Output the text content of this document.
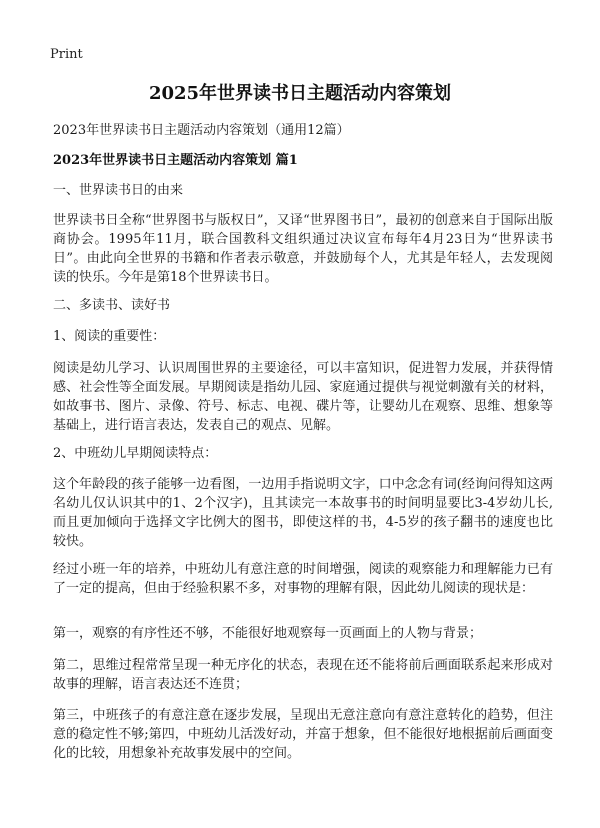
Print
2025年世界读书日主题活动内容策划
2023年世界读书日主题活动内容策划（通用12篇）
2023年世界读书日主题活动内容策划 篇1
一、世界读书日的由来
世界读书日全称“世界图书与版权日”，又译“世界图书日”，最初的创意来自于国际出版商协会。1995年11月，联合国教科文组织通过决议宣布每年4月23日为“世界读书日”。由此向全世界的书籍和作者表示敬意，并鼓励每个人，尤其是年轻人，去发现阅读的快乐。今年是第18个世界读书日。
二、多读书、读好书
1、阅读的重要性：
阅读是幼儿学习、认识周围世界的主要途径，可以丰富知识，促进智力发展，并获得情感、社会性等全面发展。早期阅读是指幼儿园、家庭通过提供与视觉刺激有关的材料，如故事书、图片、录像、符号、标志、电视、碟片等，让婴幼儿在观察、思维、想象等基础上，进行语言表达，发表自己的观点、见解。
2、中班幼儿早期阅读特点：
这个年龄段的孩子能够一边看图，一边用手指说明文字，口中念念有词(经询问得知这两名幼儿仅认识其中的1、2个汉字)，且其读完一本故事书的时间明显要比3-4岁幼儿长,而且更加倾向于选择文字比例大的图书，即使这样的书，4-5岁的孩子翻书的速度也比较快。
经过小班一年的培养，中班幼儿有意注意的时间增强，阅读的观察能力和理解能力已有了一定的提高，但由于经验积累不多，对事物的理解有限，因此幼儿阅读的现状是：
第一，观察的有序性还不够，不能很好地观察每一页画面上的人物与背景；
第二，思维过程常常呈现一种无序化的状态，表现在还不能将前后画面联系起来形成对故事的理解，语言表达还不连贯；
第三，中班孩子的有意注意在逐步发展，呈现出无意注意向有意注意转化的趋势，但注意的稳定性不够;第四，中班幼儿活泼好动，并富于想象，但不能很好地根据前后画面变化的比较，用想象补充故事发展中的空间。
